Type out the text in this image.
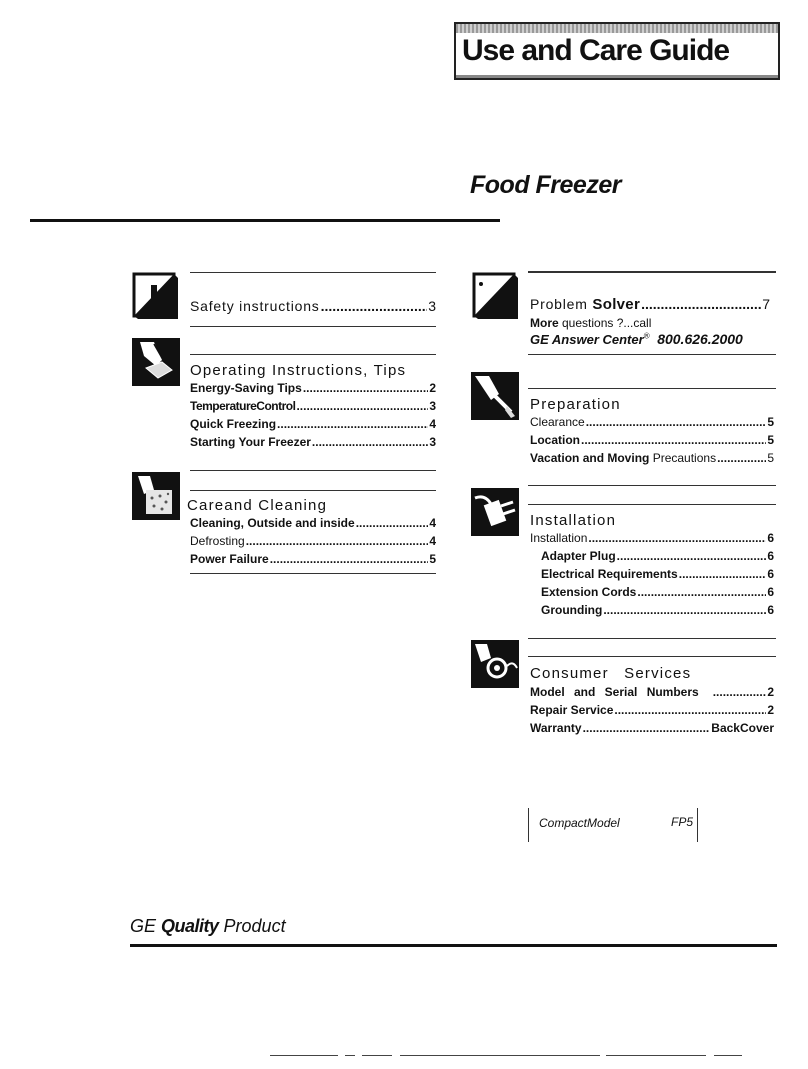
Use and Care Guide
Food Freezer
Safety instructions .....	3
Operating Instructions, Tips
Energy-Saving Tips .....	2
TemperatureControl .....	3
Quick Freezing .....	4
Starting Your Freezer .....	3
Careand Cleaning
Cleaning, Outside and inside .....	4
Defrosting .....	4
Power Failure .....	5
Problem Solver .....	7
More questions ?...call
GE Answer Center® 800.626.2000
Preparation
Clearance .....	5
Location .....	5
Vacation and Moving Precautions .....	5
Installation
Installation .....	6
Adapter Plug .....	6
Electrical Requirements .....	6
Extension Cords .....	6
Grounding .....	6
Consumer Services
Model and Serial Numbers .....	2
Repair Service .....	2
Warranty .....	BackCover
CompactModel	FP5
GE Quality Product
